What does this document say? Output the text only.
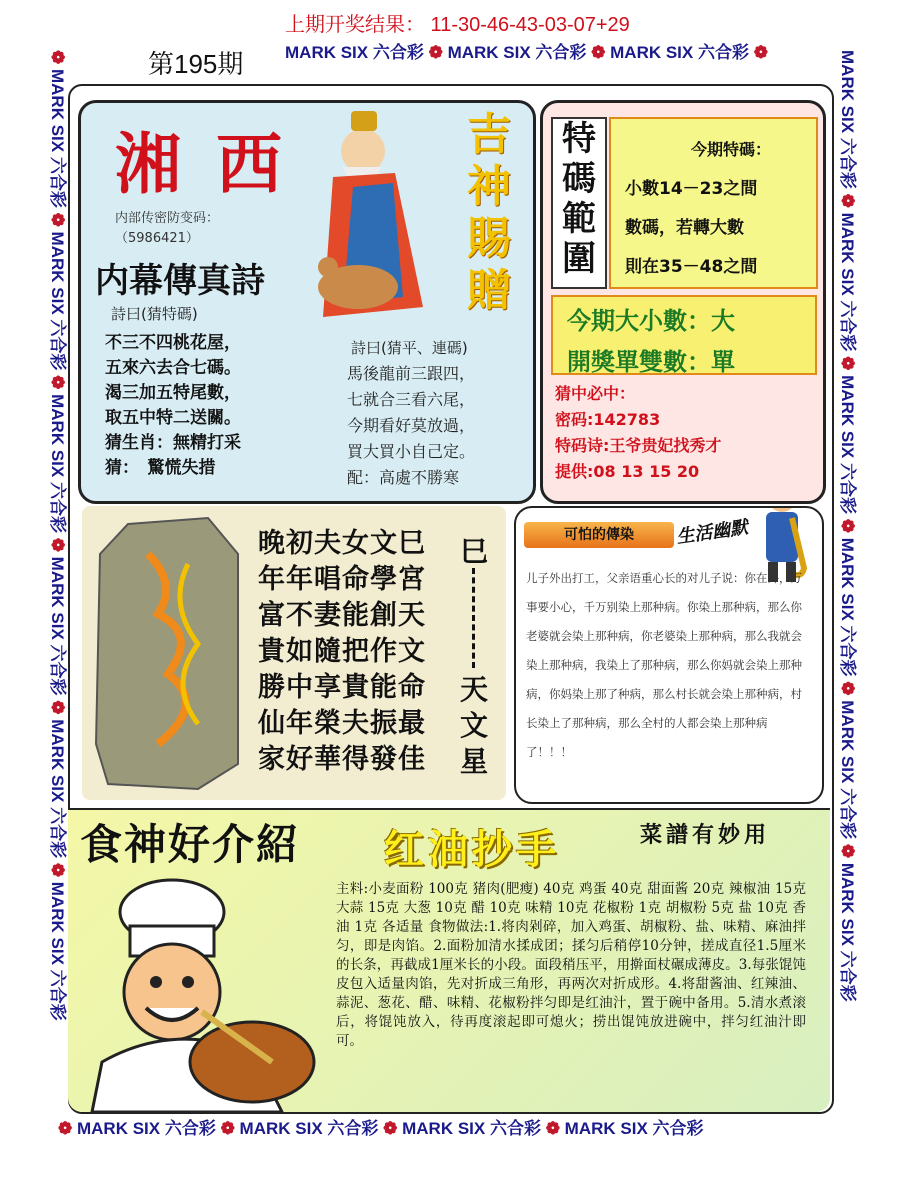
上期开奖结果： 11-30-46-43-03-07+29
第195期 MARK SIX 六合彩 ❁ MARK SIX 六合彩 ❁ MARK SIX 六合彩 ❁
❁ MARK SIX 六合彩 ❁ MARK SIX 六合彩 ❁ MARK SIX 六合彩 ❁ MARK SIX 六合彩
❁ MARK SIX 六合彩 ❁ MARK SIX 六合彩 ❁ MARK SIX 六合彩 ❁ MARK SIX 六合彩 ❁ MARK SIX 六合彩 ❁ MARK SIX 六合彩
MARK SIX 六合彩 ❁ MARK SIX 六合彩 ❁ MARK SIX 六合彩 ❁ MARK SIX 六合彩 ❁ MARK SIX 六合彩 ❁ MARK SIX 六合彩
湘 西
内部传密防变码：
（5986421）
内幕傳真詩
詩曰(猜特碼)
不三不四桃花屋，
五來六去合七碼。
渴三加五特尾數，
取五中特二送關。
猜生肖：無精打采
猜：　驚慌失措
吉神賜贈
詩曰(猜平、連碼)
馬後龍前三跟四，
七就合三看六尾，
今期看好莫放過，
買大買小自己定。
配：高處不勝寒
特碼範圍
今期特碼：
小數14－23之間
數碼，若轉大數
則在35－48之間
今期大小數：大
開獎單雙數：單
猜中必中：
密码:142783
特码诗:王爷贵妃找秀才
提供:08 13 15 20
晚初夫女文巳
年年唱命學宮
富不妻能創天
貴如隨把作文
勝中享貴能命
仙年榮夫振最
家好華得發佳
巳
天文星
可怕的傳染	生活幽默
儿子外出打工，父亲语重心长的对儿子说：你在外，万事要小心，千万别染上那种病。你染上那种病，那么你老婆就会染上那种病，你老婆染上那种病，那么我就会染上那种病，我染上了那种病，那么你妈就会染上那种病，你妈染上那了种病，那么村长就会染上那种病，村长染上了那种病，那么全村的人都会染上那种病了！！！
食神好介紹 红油抄手	菜譜有妙用
主料:小麦面粉 100克 猪肉(肥瘦) 40克 鸡蛋 40克 甜面酱 20克 辣椒油 15克 大蒜 15克 大葱 10克 醋 10克 味精 10克 花椒粉 1克 胡椒粉 5克 盐 10克 香油 1克 各适量 食物做法:1.将肉剁碎，加入鸡蛋、胡椒粉、盐、味精、麻油拌匀，即是肉馅。2.面粉加清水揉成团；揉匀后稍停10分钟，搓成直径1.5厘米的长条，再截成1厘米长的小段。面段稍压平，用擀面杖碾成薄皮。3.每张馄饨皮包入适量肉馅，先对折成三角形，再两次对折成形。4.将甜酱油、红辣油、蒜泥、葱花、醋、味精、花椒粉拌匀即是红油汁，置于碗中备用。5.清水煮滚后，将馄饨放入，待再度滚起即可熄火；捞出馄饨放进碗中，拌匀红油汁即可。
